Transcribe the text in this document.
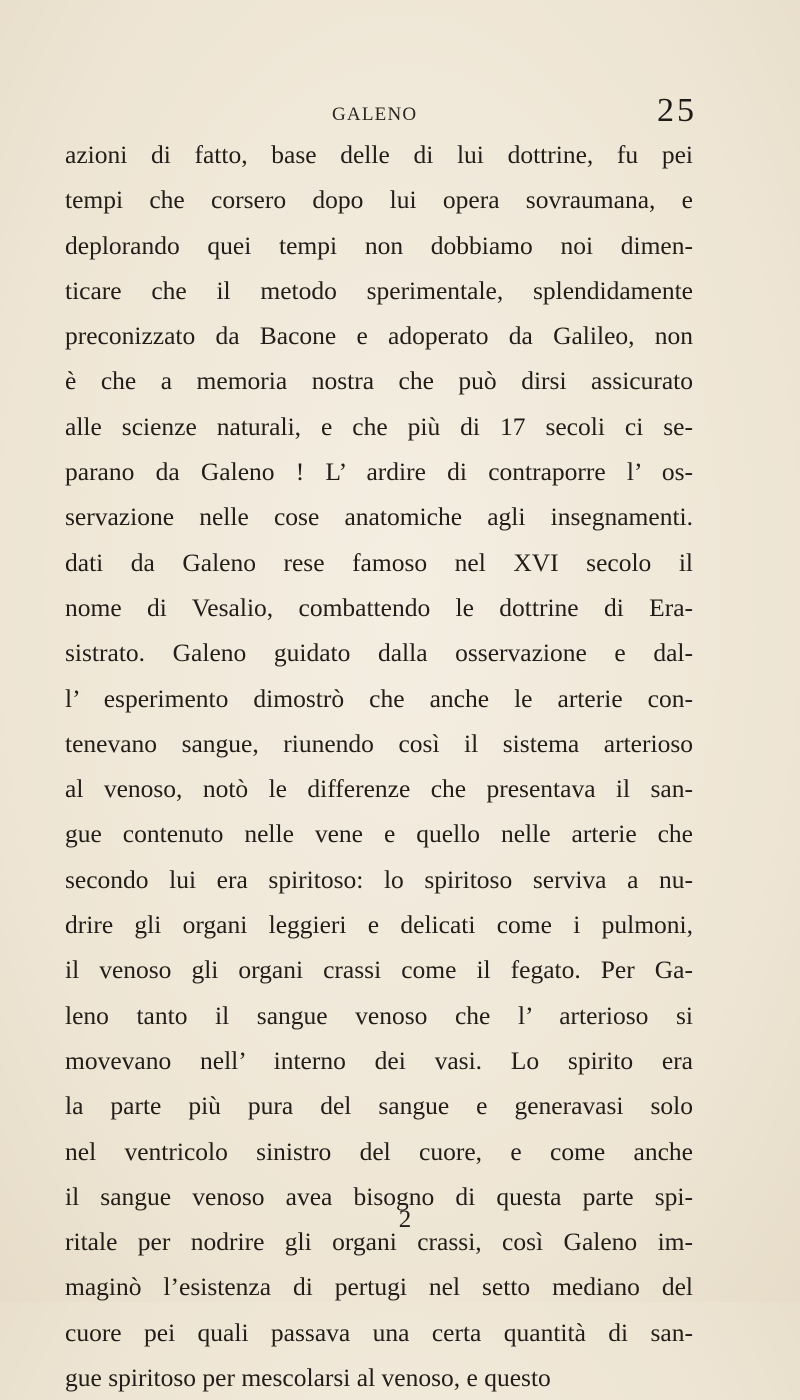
GALENO	25
azioni di fatto, base delle di lui dottrine, fu pei
tempi che corsero dopo lui opera sovraumana, e
deplorando quei tempi non dobbiamo noi dimen-
ticare che il metodo sperimentale, splendidamente
preconizzato da Bacone e adoperato da Galileo, non
è che a memoria nostra che può dirsi assicurato
alle scienze naturali, e che più di 17 secoli ci se-
parano da Galeno ! L’ ardire di contraporre l’ os-
servazione nelle cose anatomiche agli insegnamenti.
dati da Galeno rese famoso nel XVI secolo il
nome di Vesalio, combattendo le dottrine di Era-
sistrato. Galeno guidato dalla osservazione e dal-
l’ esperimento dimostrò che anche le arterie con-
tenevano sangue, riunendo così il sistema arterioso
al venoso, notò le differenze che presentava il san-
gue contenuto nelle vene e quello nelle arterie che
secondo lui era spiritoso: lo spiritoso serviva a nu-
drire gli organi leggieri e delicati come i pulmoni,
il venoso gli organi crassi come il fegato. Per Ga-
leno tanto il sangue venoso che l’ arterioso si
movevano nell’ interno dei vasi. Lo spirito era
la parte più pura del sangue e generavasi solo
nel ventricolo sinistro del cuore, e come anche
il sangue venoso avea bisogno di questa parte spi-
ritale per nodrire gli organi crassi, così Galeno im-
maginò l’esistenza di pertugi nel setto mediano del
cuore pei quali passava una certa quantità di san-
gue spiritoso per mescolarsi al venoso, e questo
2
